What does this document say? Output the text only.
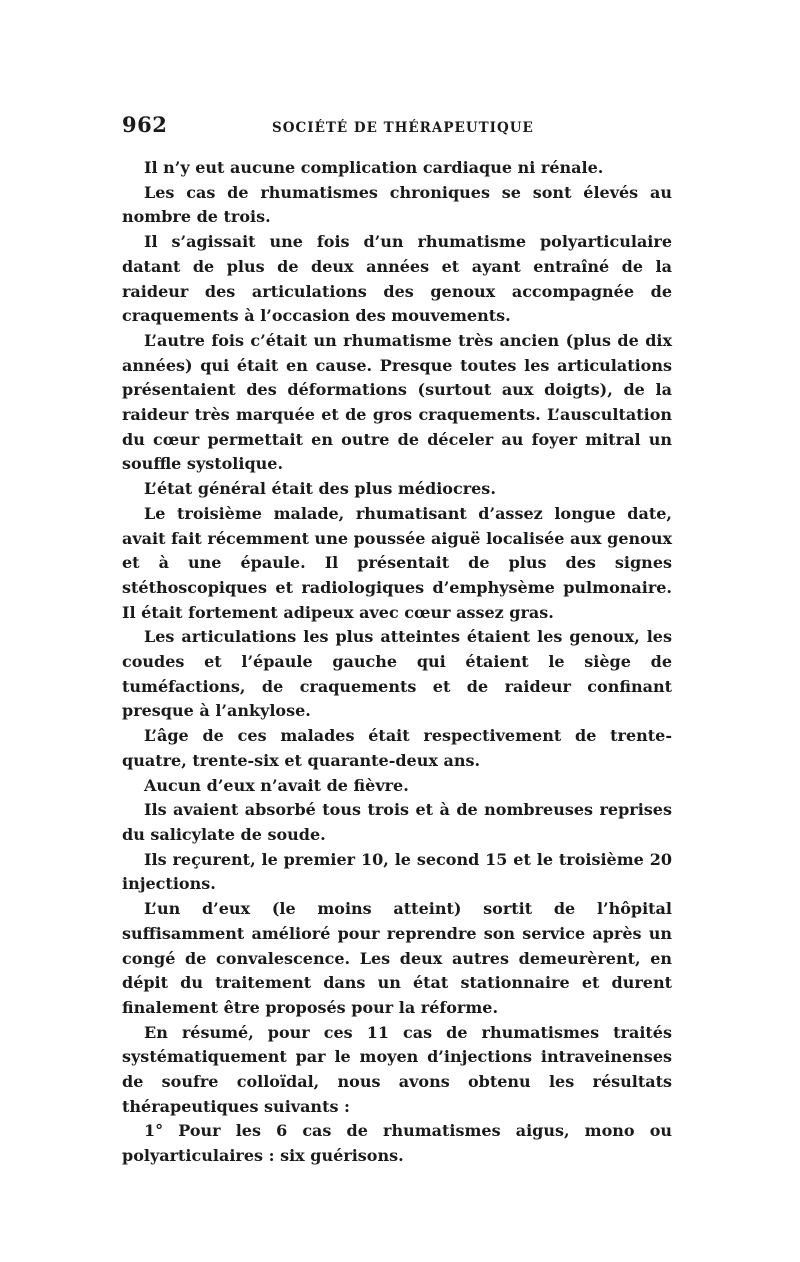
962	SOCIÉTÉ DE THÉRAPEUTIQUE

Il n’y eut aucune complication cardiaque ni rénale.

Les cas de rhumatismes chroniques se sont élevés au nombre de trois.

Il s’agissait une fois d’un rhumatisme polyarticulaire datant de plus de deux années et ayant entraîné de la raideur des articulations des genoux accompagnée de craquements à l’occasion des mouvements.

L’autre fois c’était un rhumatisme très ancien (plus de dix années) qui était en cause. Presque toutes les articulations présentaient des déformations (surtout aux doigts), de la raideur très marquée et de gros craquements. L’auscultation du cœur permettait en outre de déceler au foyer mitral un souffle systolique.

L’état général était des plus médiocres.

Le troisième malade, rhumatisant d’assez longue date, avait fait récemment une poussée aiguë localisée aux genoux et à une épaule. Il présentait de plus des signes stéthoscopiques et radiologiques d’emphysème pulmonaire. Il était fortement adipeux avec cœur assez gras.

Les articulations les plus atteintes étaient les genoux, les coudes et l’épaule gauche qui étaient le siège de tuméfactions, de craquements et de raideur confinant presque à l’ankylose.

L’âge de ces malades était respectivement de trente-quatre, trente-six et quarante-deux ans.

Aucun d’eux n’avait de fièvre.

Ils avaient absorbé tous trois et à de nombreuses reprises du salicylate de soude.

Ils reçurent, le premier 10, le second 15 et le troisième 20 injections.

L’un d’eux (le moins atteint) sortit de l’hôpital suffisamment amélioré pour reprendre son service après un congé de convalescence. Les deux autres demeurèrent, en dépit du traitement dans un état stationnaire et durent finalement être proposés pour la réforme.

En résumé, pour ces 11 cas de rhumatismes traités systématiquement par le moyen d’injections intraveinenses de soufre colloïdal, nous avons obtenu les résultats thérapeutiques suivants :

1° Pour les 6 cas de rhumatismes aigus, mono ou polyarticulaires : six guérisons.
